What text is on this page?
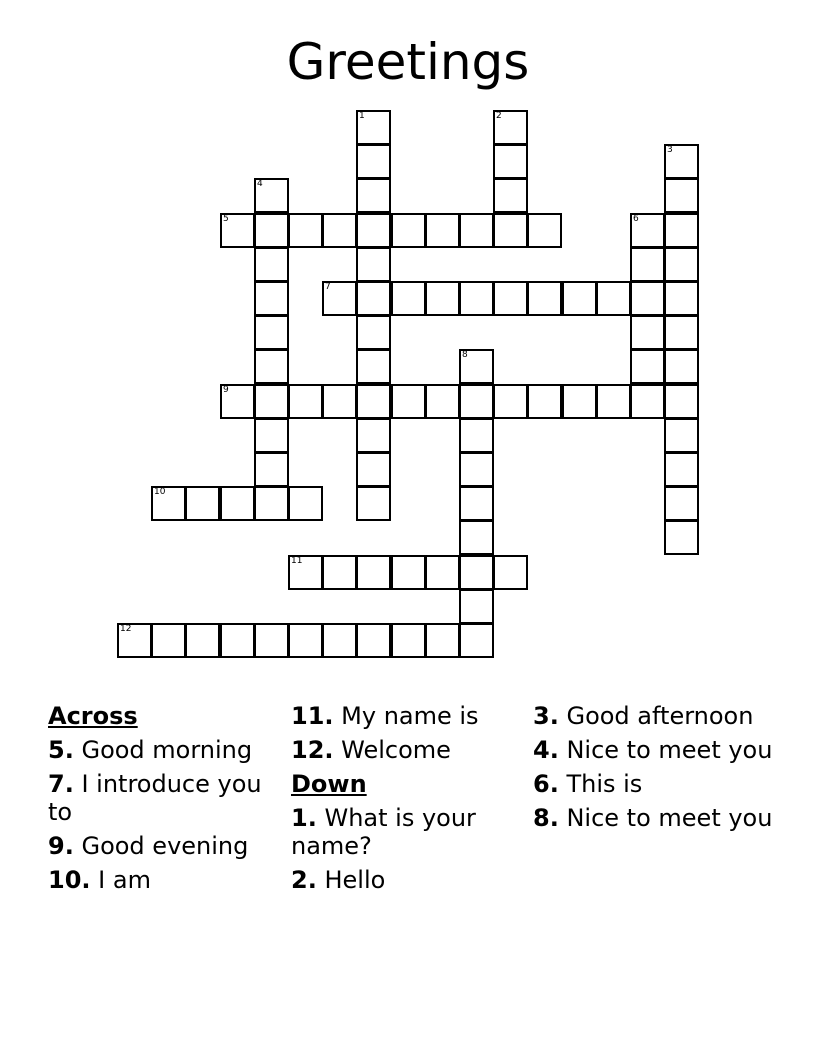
Greetings
1	2
3
4
5	6
7
8
9
10
11
12
Across
5. Good morning
7. I introduce you to
9. Good evening
10. I am
11. My name is
12. Welcome
Down
1. What is your name?
2. Hello
3. Good afternoon
4. Nice to meet you
6. This is
8. Nice to meet you
